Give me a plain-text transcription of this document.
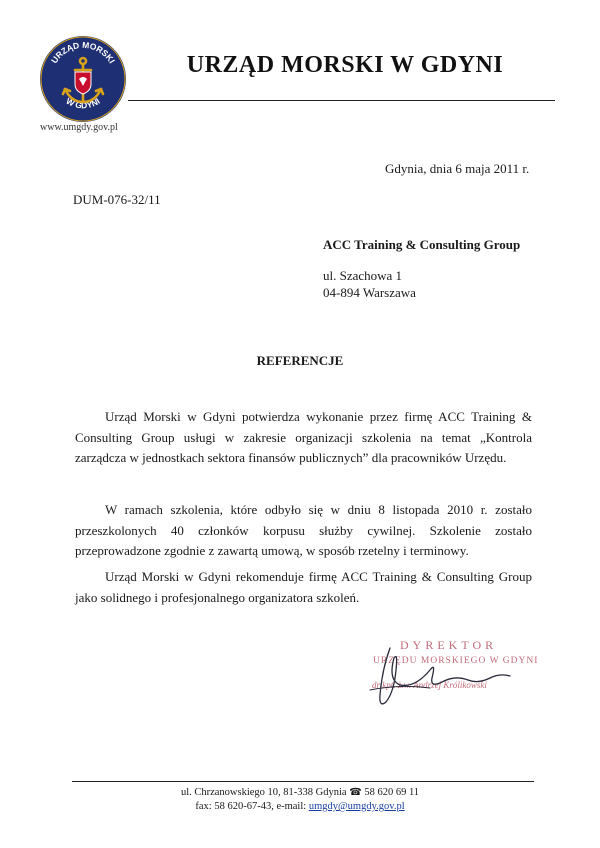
URZĄD MORSKI
W GDYNI
www.umgdy.gov.pl
URZĄD MORSKI W GDYNI
Gdynia, dnia 6 maja 2011 r.
DUM-076-32/11
ACC Training & Consulting Group
ul. Szachowa 1
04-894 Warszawa
REFERENCJE

Urząd Morski w Gdyni potwierdza wykonanie przez firmę ACC Training & Consulting Group usługi w zakresie organizacji szkolenia na temat „Kontrola zarządcza w jednostkach sektora finansów publicznych” dla pracowników Urzędu.

W ramach szkolenia, które odbyło się w dniu 8 listopada 2010 r. zostało przeszkolonych 40 członków korpusu służby cywilnej. Szkolenie zostało przeprowadzone zgodnie z zawartą umową, w sposób rzetelny i terminowy.

Urząd Morski w Gdyni rekomenduje firmę ACC Training & Consulting Group jako solidnego i profesjonalnego organizatora szkoleń.

DYREKTOR
URZĘDU MORSKIEGO W GDYNI
dr kpt. ż.w. Andrzej Królikowski
ul. Chrzanowskiego 10, 81-338 Gdynia ☎ 58 620 69 11
fax: 58 620-67-43, e-mail: umgdy@umgdy.gov.pl
